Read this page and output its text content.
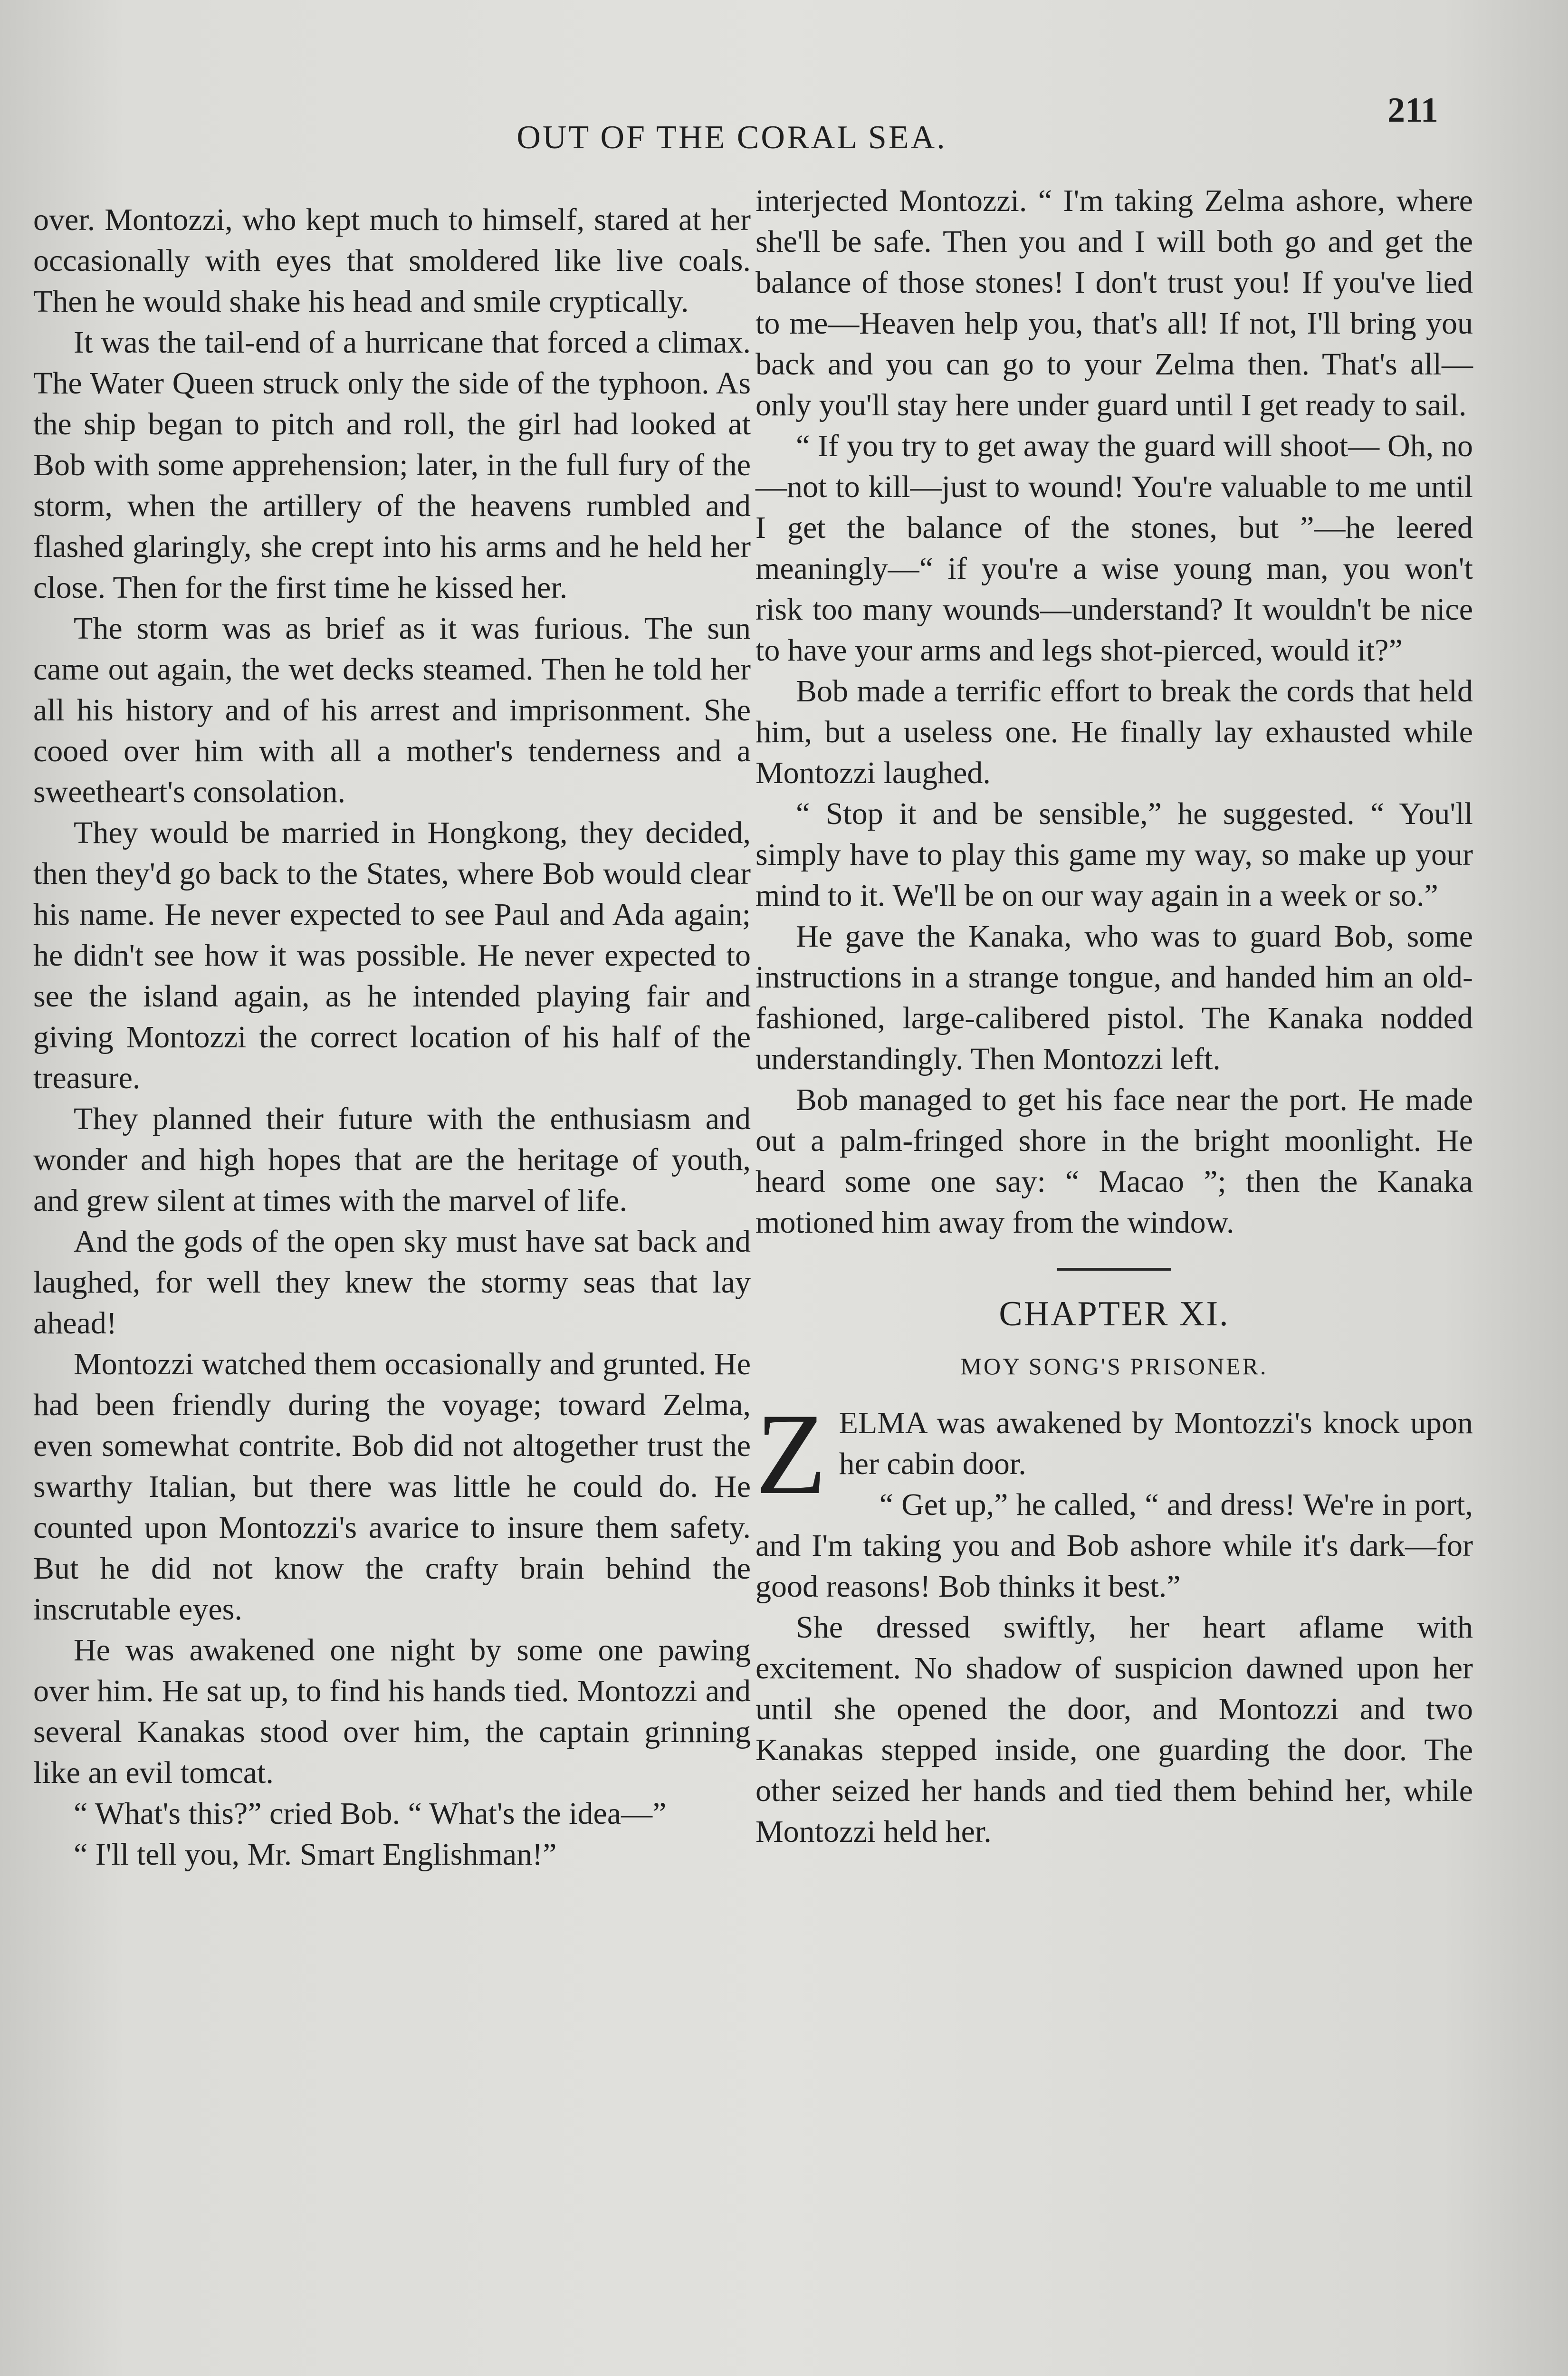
OUT OF THE CORAL SEA.
211

over. Montozzi, who kept much to himself, stared at her occasionally with eyes that smoldered like live coals. Then he would shake his head and smile cryptically.

It was the tail-end of a hurricane that forced a climax. The Water Queen struck only the side of the typhoon. As the ship began to pitch and roll, the girl had looked at Bob with some apprehension; later, in the full fury of the storm, when the artillery of the heavens rumbled and flashed glaringly, she crept into his arms and he held her close. Then for the first time he kissed her.

The storm was as brief as it was furious. The sun came out again, the wet decks steamed. Then he told her all his history and of his arrest and imprisonment. She cooed over him with all a mother's tenderness and a sweetheart's consolation.

They would be married in Hongkong, they decided, then they'd go back to the States, where Bob would clear his name. He never expected to see Paul and Ada again; he didn't see how it was possible. He never expected to see the island again, as he intended playing fair and giving Montozzi the correct location of his half of the treasure.

They planned their future with the enthusiasm and wonder and high hopes that are the heritage of youth, and grew silent at times with the marvel of life.

And the gods of the open sky must have sat back and laughed, for well they knew the stormy seas that lay ahead!

Montozzi watched them occasionally and grunted. He had been friendly during the voyage; toward Zelma, even somewhat contrite. Bob did not altogether trust the swarthy Italian, but there was little he could do. He counted upon Montozzi's avarice to insure them safety. But he did not know the crafty brain behind the inscrutable eyes.

He was awakened one night by some one pawing over him. He sat up, to find his hands tied. Montozzi and several Kanakas stood over him, the captain grinning like an evil tomcat.

“ What's this?” cried Bob. “ What's the idea—”

“ I'll tell you, Mr. Smart Englishman!”

interjected Montozzi. “ I'm taking Zelma ashore, where she'll be safe. Then you and I will both go and get the balance of those stones! I don't trust you! If you've lied to me—Heaven help you, that's all! If not, I'll bring you back and you can go to your Zelma then. That's all—only you'll stay here under guard until I get ready to sail.

“ If you try to get away the guard will shoot— Oh, no—not to kill—just to wound! You're valuable to me until I get the balance of the stones, but ”—he leered meaningly—“ if you're a wise young man, you won't risk too many wounds—understand? It wouldn't be nice to have your arms and legs shot-pierced, would it?”

Bob made a terrific effort to break the cords that held him, but a useless one. He finally lay exhausted while Montozzi laughed.

“ Stop it and be sensible,” he suggested. “ You'll simply have to play this game my way, so make up your mind to it. We'll be on our way again in a week or so.”

He gave the Kanaka, who was to guard Bob, some instructions in a strange tongue, and handed him an old-fashioned, large-calibered pistol. The Kanaka nodded understandingly. Then Montozzi left.

Bob managed to get his face near the port. He made out a palm-fringed shore in the bright moonlight. He heard some one say: “ Macao ”; then the Kanaka motioned him away from the window.

CHAPTER XI.
MOY SONG'S PRISONER.

ZELMA was awakened by Montozzi's knock upon her cabin door.

“ Get up,” he called, “ and dress! We're in port, and I'm taking you and Bob ashore while it's dark—for good reasons! Bob thinks it best.”

She dressed swiftly, her heart aflame with excitement. No shadow of suspicion dawned upon her until she opened the door, and Montozzi and two Kanakas stepped inside, one guarding the door. The other seized her hands and tied them behind her, while Montozzi held her.
